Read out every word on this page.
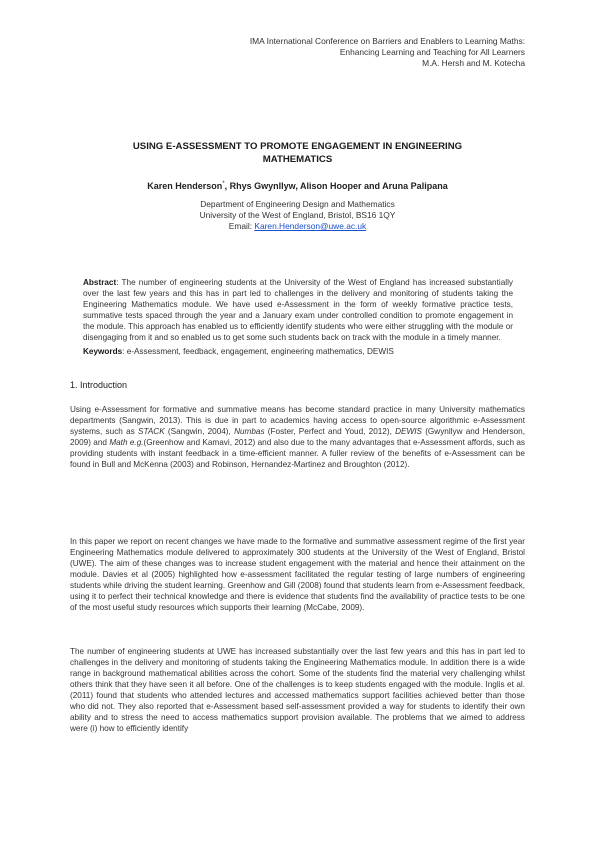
IMA International Conference on Barriers and Enablers to Learning Maths:
Enhancing Learning and Teaching for All Learners
M.A. Hersh and M. Kotecha
USING E-ASSESSMENT TO PROMOTE ENGAGEMENT IN ENGINEERING
MATHEMATICS
Karen Henderson*, Rhys Gwynllyw, Alison Hooper and Aruna Palipana
Department of Engineering Design and Mathematics
University of the West of England, Bristol, BS16 1QY
Email: Karen.Henderson@uwe.ac.uk
Abstract: The number of engineering students at the University of the West of England has increased substantially over the last few years and this has in part led to challenges in the delivery and monitoring of students taking the Engineering Mathematics module. We have used e-Assessment in the form of weekly formative practice tests, summative tests spaced through the year and a January exam under controlled condition to promote engagement in the module. This approach has enabled us to efficiently identify students who were either struggling with the module or disengaging from it and so enabled us to get some such students back on track with the module in a timely manner.
Keywords: e-Assessment, feedback, engagement, engineering mathematics, DEWIS
1. Introduction
Using e-Assessment for formative and summative means has become standard practice in many University mathematics departments (Sangwin, 2013). This is due in part to academics having access to open-source algorithmic e-Assessment systems, such as STACK (Sangwin, 2004), Numbas (Foster, Perfect and Youd, 2012), DEWIS (Gwynllyw and Henderson, 2009) and Math e.g.(Greenhow and Kamavi, 2012) and also due to the many advantages that e-Assessment affords, such as providing students with instant feedback in a time-efficient manner. A fuller review of the benefits of e-Assessment can be found in Bull and McKenna (2003) and Robinson, Hernandez-Martinez and Broughton (2012).
In this paper we report on recent changes we have made to the formative and summative assessment regime of the first year Engineering Mathematics module delivered to approximately 300 students at the University of the West of England, Bristol (UWE). The aim of these changes was to increase student engagement with the material and hence their attainment on the module. Davies et al (2005) highlighted how e-assessment facilitated the regular testing of large numbers of engineering students while driving the student learning. Greenhow and Gill (2008) found that students learn from e-Assessment feedback, using it to perfect their technical knowledge and there is evidence that students find the availability of practice tests to be one of the most useful study resources which supports their learning (McCabe, 2009).
The number of engineering students at UWE has increased substantially over the last few years and this has in part led to challenges in the delivery and monitoring of students taking the Engineering Mathematics module. In addition there is a wide range in background mathematical abilities across the cohort. Some of the students find the material very challenging whilst others think that they have seen it all before. One of the challenges is to keep students engaged with the module. Inglis et al. (2011) found that students who attended lectures and accessed mathematics support facilities achieved better than those who did not. They also reported that e-Assessment based self-assessment provided a way for students to identify their own ability and to stress the need to access mathematics support provision available. The problems that we aimed to address were (i) how to efficiently identify
